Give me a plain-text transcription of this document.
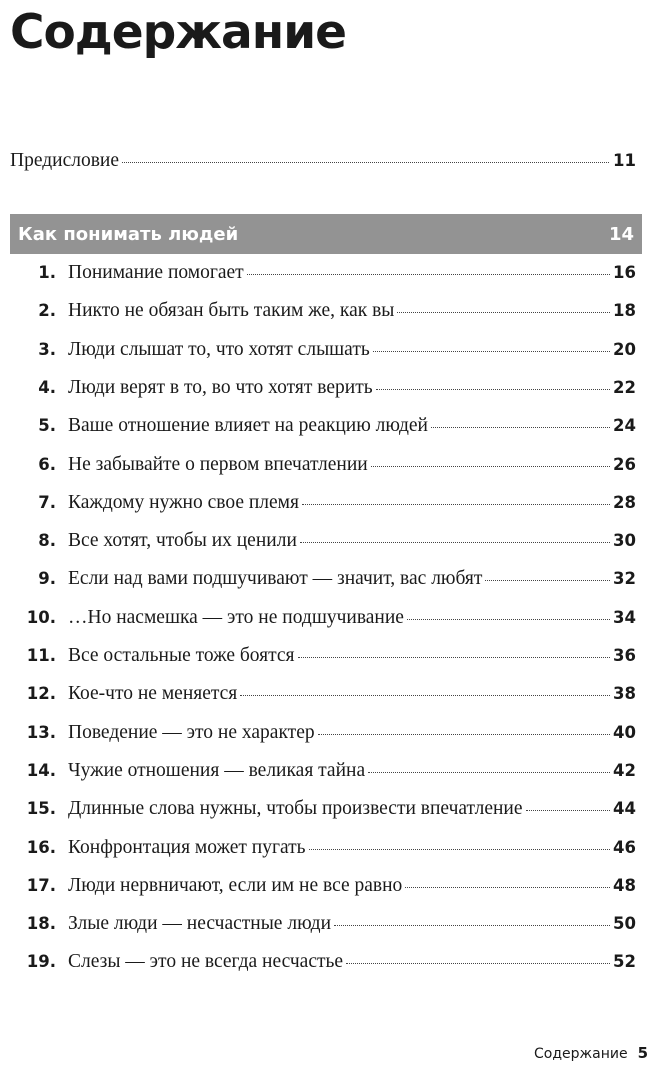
Содержание
Предисловие	11
Как понимать людей	14
1. Понимание помогает	16
2. Никто не обязан быть таким же, как вы	18
3. Люди слышат то, что хотят слышать	20
4. Люди верят в то, во что хотят верить	22
5. Ваше отношение влияет на реакцию людей	24
6. Не забывайте о первом впечатлении	26
7. Каждому нужно свое племя	28
8. Все хотят, чтобы их ценили	30
9. Если над вами подшучивают — значит, вас любят	32
10. …Но насмешка — это не подшучивание	34
11. Все остальные тоже боятся	36
12. Кое-что не меняется	38
13. Поведение — это не характер	40
14. Чужие отношения — великая тайна	42
15. Длинные слова нужны, чтобы произвести впечатление	44
16. Конфронтация может пугать	46
17. Люди нервничают, если им не все равно	48
18. Злые люди — несчастные люди	50
19. Слезы — это не всегда несчастье	52
Содержание 5
